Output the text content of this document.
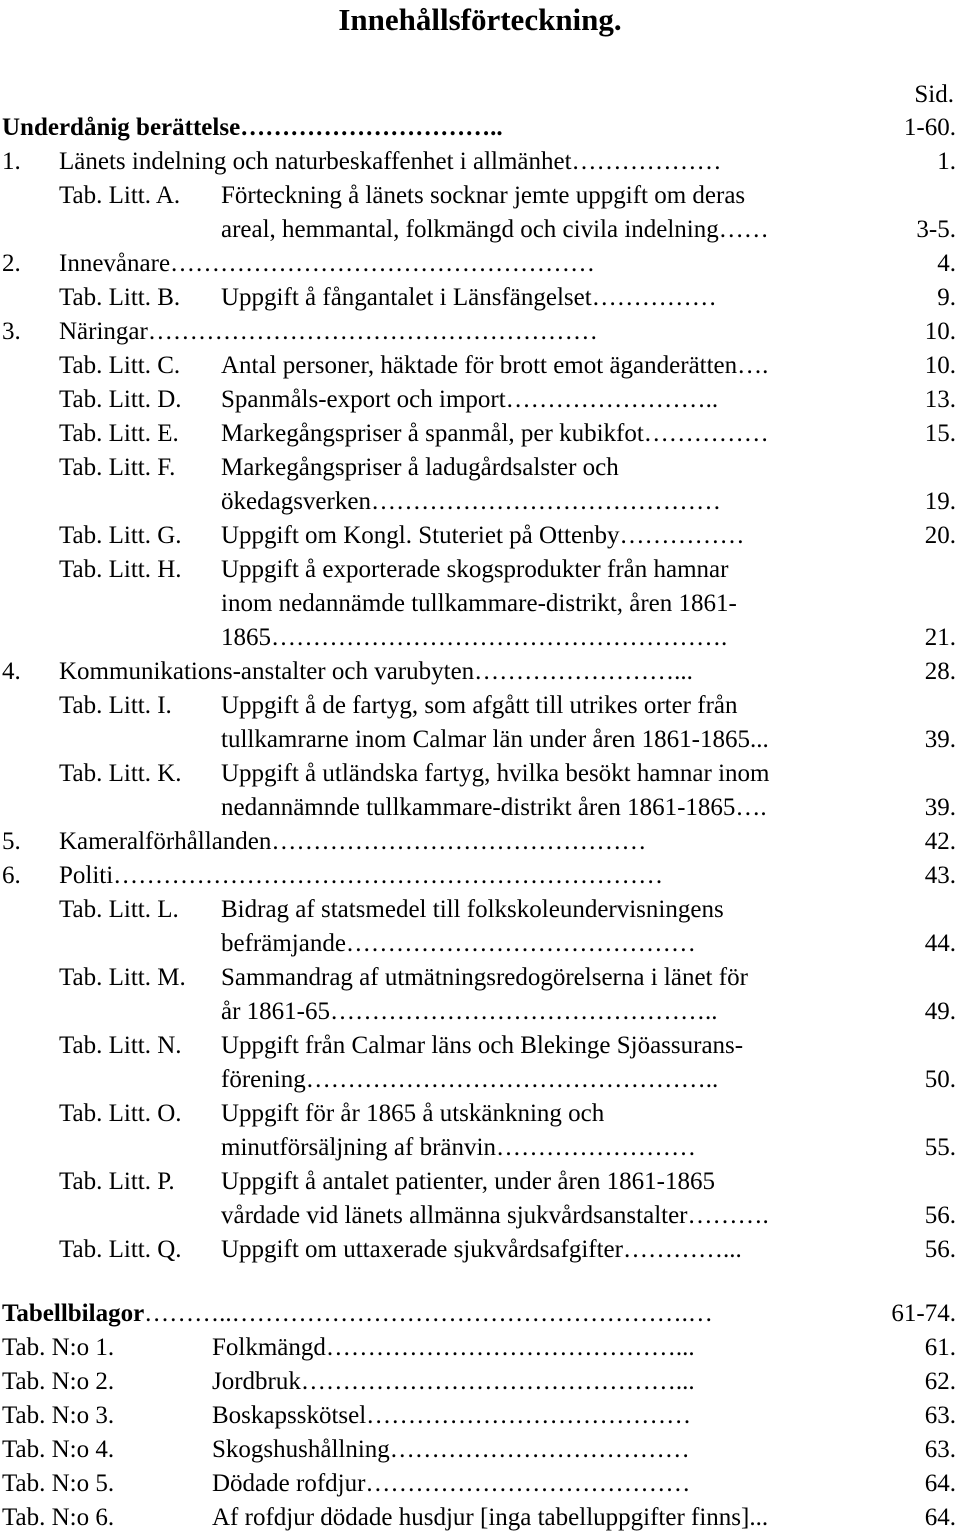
Innehållsförteckning.
Sid.
Underdånig berättelse…………………………..	1-60.
1. Länets indelning och naturbeskaffenhet i allmänhet………………	1.
Tab. Litt. A. Förteckning å länets socknar jemte uppgift om deras
areal, hemmantal, folkmängd och civila indelning……	3-5.
2. Innevånare……………………………………………	4.
Tab. Litt. B. Uppgift å fångantalet i Länsfängelset……………	9.
3. Näringar………………………………………………	10.
Tab. Litt. C. Antal personer, häktade för brott emot äganderätten….	10.
Tab. Litt. D. Spanmåls-export och import……………………..	13.
Tab. Litt. E. Markegångspriser å spanmål, per kubikfot……………	15.
Tab. Litt. F. Markegångspriser å ladugårdsalster och
ökedagsverken……………………………………	19.
Tab. Litt. G. Uppgift om Kongl. Stuteriet på Ottenby……………	20.
Tab. Litt. H. Uppgift å exporterade skogsprodukter från hamnar
inom nedannämde tullkammare-distrikt, åren 1861-
1865……………………………………………….	21.
4. Kommunikations-anstalter och varubyten……………………...	28.
Tab. Litt. I. Uppgift å de fartyg, som afgått till utrikes orter från
tullkamrarne inom Calmar län under åren 1861-1865...	39.
Tab. Litt. K. Uppgift å utländska fartyg, hvilka besökt hamnar inom
nedannämnde tullkammare-distrikt åren 1861-1865….	39.
5. Kameralförhållanden………………………………………	42.
6. Politi…………………………………………………………	43.
Tab. Litt. L. Bidrag af statsmedel till folkskoleundervisningens
befrämjande……………………………………	44.
Tab. Litt. M. Sammandrag af utmätningsredogörelserna i länet för
år 1861-65………………………………………..	49.
Tab. Litt. N. Uppgift från Calmar läns och Blekinge Sjöassurans-
förening…………………………………………..	50.
Tab. Litt. O. Uppgift för år 1865 å utskänkning och
minutförsäljning af bränvin……………………	55.
Tab. Litt. P. Uppgift å antalet patienter, under åren 1861-1865
vårdade vid länets allmänna sjukvårdsanstalter……….	56.
Tab. Litt. Q. Uppgift om uttaxerade sjukvårdsafgifter…………...	56.
Tabellbilagor………..……………………………………………….…	61-74.
Tab. N:o 1.	Folkmängd……………………………………...	61.
Tab. N:o 2.	Jordbruk………………………………………...	62.
Tab. N:o 3.	Boskapsskötsel…………………………………	63.
Tab. N:o 4.	Skogshushållning………………………………	63.
Tab. N:o 5.	Dödade rofdjur…………………………………	64.
Tab. N:o 6.	Af rofdjur dödade husdjur [inga tabelluppgifter finns]...	64.
